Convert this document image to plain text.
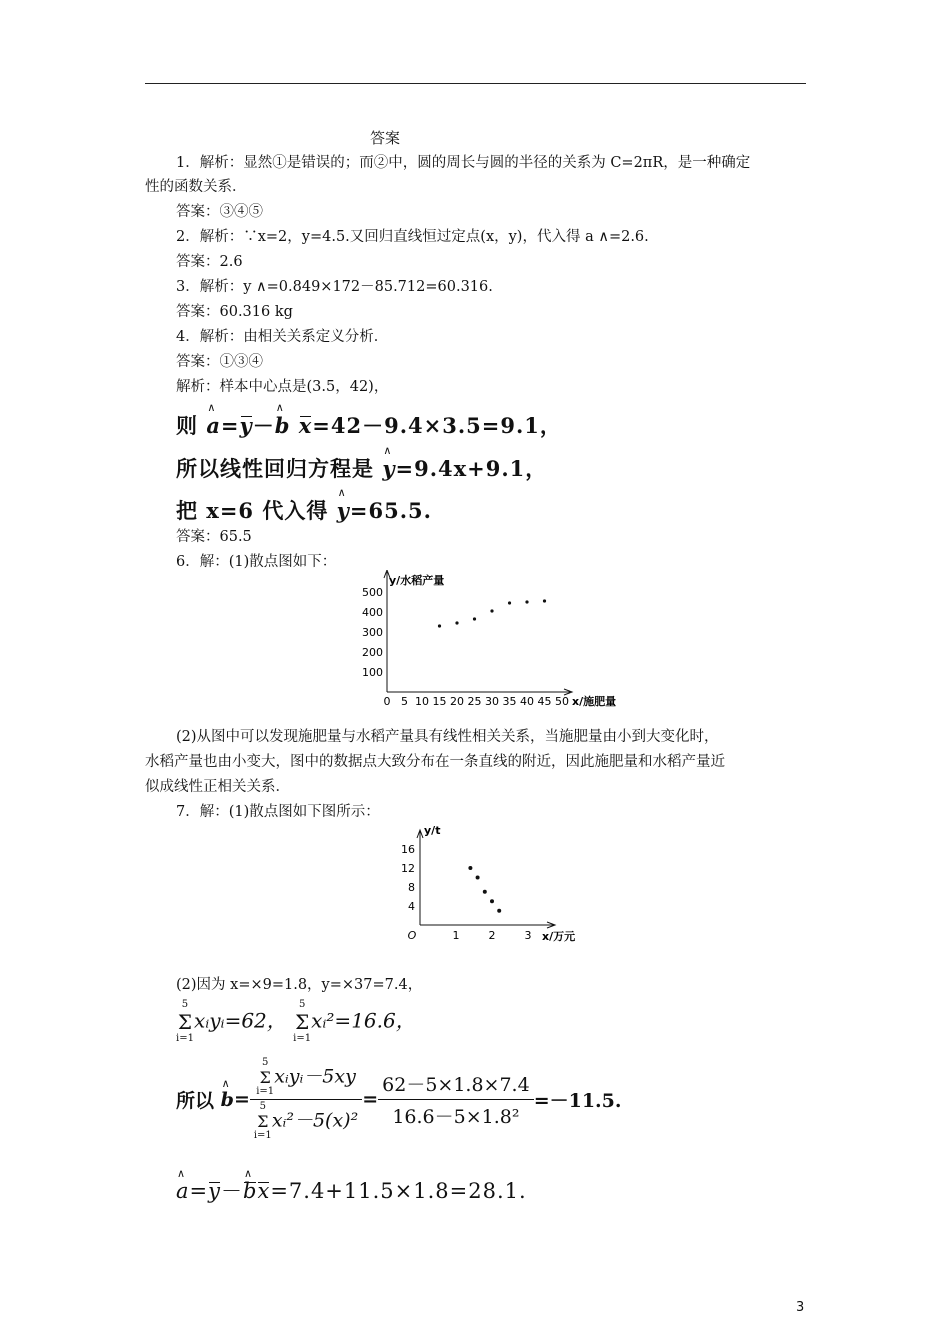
答案
1．解析：显然①是错误的；而②中，圆的周长与圆的半径的关系为 C=2πR，是一种确定
性的函数关系．
答案：③④⑤
2．解析：∵x=2，y=4.5.又回归直线恒过定点(x，y)，代入得 a ∧=2.6.
答案：2.6
3．解析：y ∧=0.849×172－85.712=60.316.
答案：60.316 kg
4．解析：由相关关系定义分析．
答案：①③④
解析：样本中心点是(3.5，42)，
则 ∧ a=y－∧ b x=42－9.4×3.5=9.1，
所以线性回归方程是 ∧ y=9.4x+9.1，
把 x=6 代入得 ∧ y=65.5.
答案：65.5
6．解：(1)散点图如下：
0 5 10 15 20 25 30 35 40 45 50
100
200
300
400
500
y/水稻产量
x/施肥量
(2)从图中可以发现施肥量与水稻产量具有线性相关关系，当施肥量由小到大变化时，
水稻产量也由小变大，图中的数据点大致分布在一条直线的附近，因此施肥量和水稻产量近
似成线性正相关关系．
7．解：(1)散点图如下图所示：
O	1	2	3
4
8
12
16
y/t
x/万元
(2)因为 x=×9=1.8，y=×37=7.4，
5
Σ
i=1
xᵢyᵢ=62，
5
Σ
i=1
xᵢ²=16.6，
所以 ∧ b= 5
Σ
i=1
xᵢyᵢ－5xy
5
Σ
i=1
xᵢ²－5(x)² = $\frac{62-5\times 1.8\times 7.4}{\text{16.6－5×1.8²}} =-11.5$.
∧ a=y－∧ bx=7.4+11.5×1.8=28.1.
3
